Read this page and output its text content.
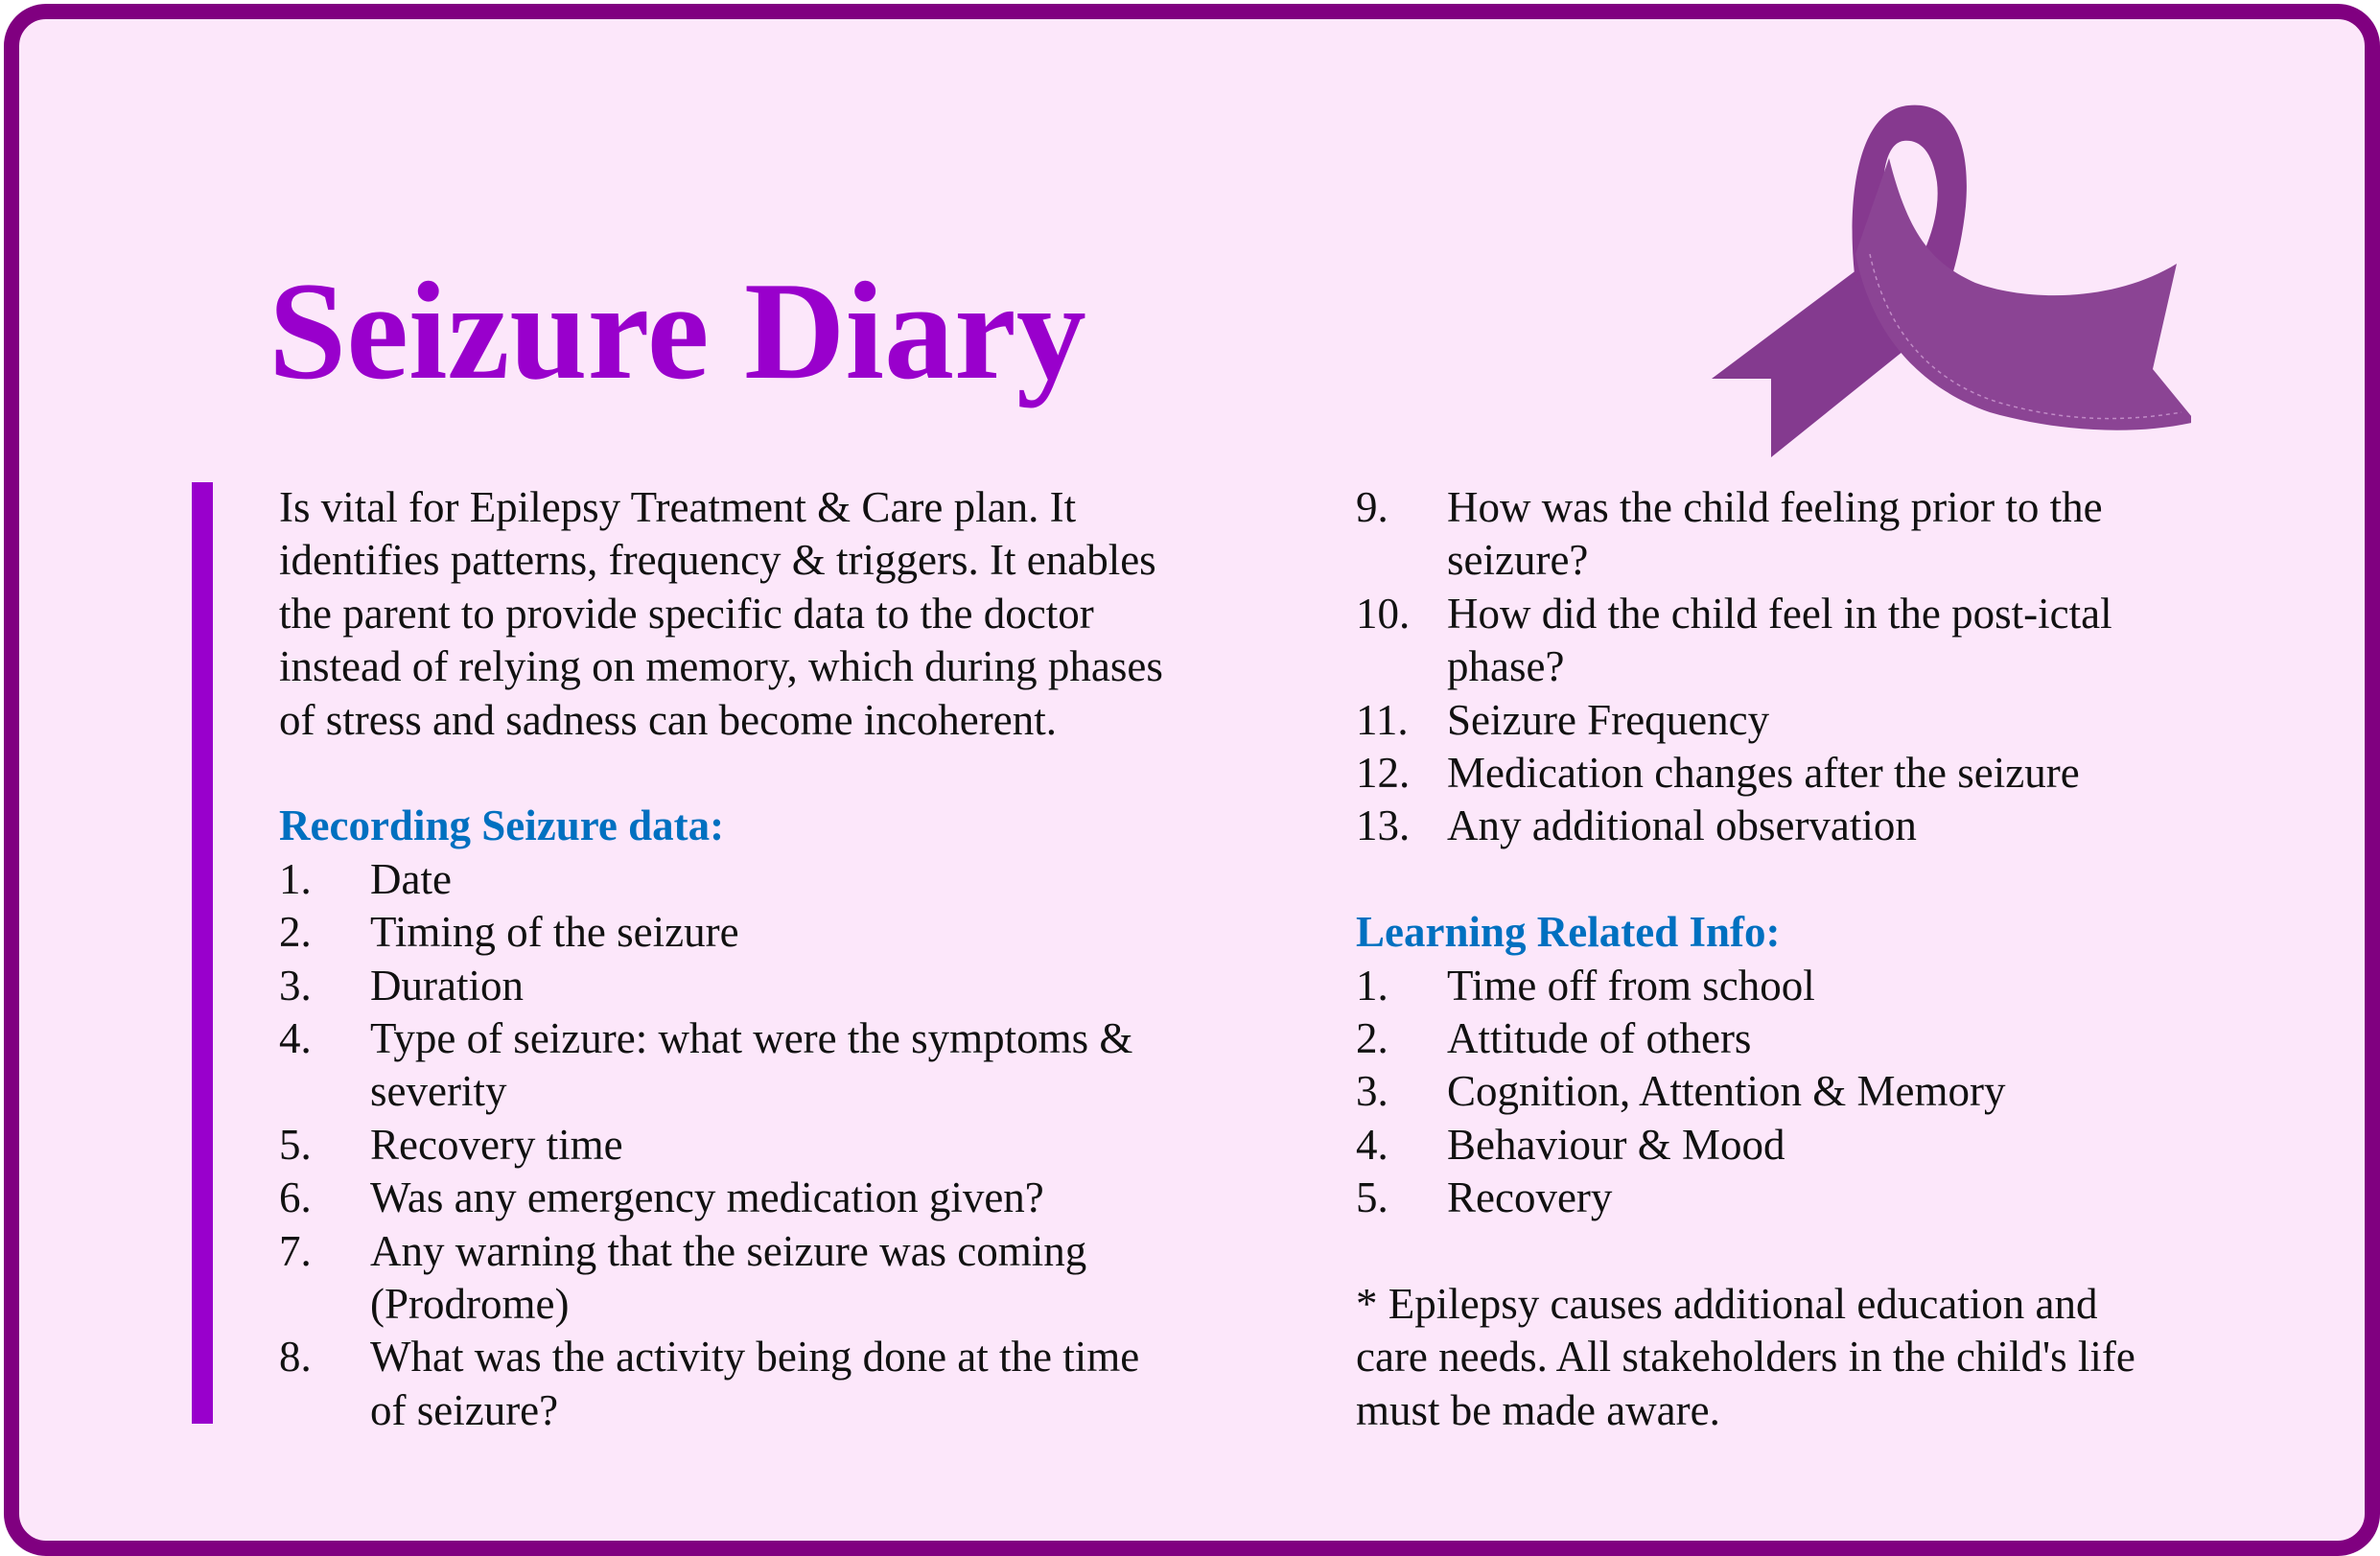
Seizure Diary
Is vital for Epilepsy Treatment & Care plan. It
identifies patterns, frequency & triggers. It enables
the parent to provide specific data to the doctor
instead of relying on memory, which during phases
of stress and sadness can become incoherent.
Recording Seizure data:
1.	Date
2.	Timing of the seizure
3.	Duration
4.	Type of seizure: what were the symptoms &
severity
5.	Recovery time
6.	Was any emergency medication given?
7.	Any warning that the seizure was coming
(Prodrome)
8.	What was the activity being done at the time
of seizure?
9.	How was the child feeling prior to the
seizure?
10. How did the child feel in the post-ictal
phase?
11. Seizure Frequency
12. Medication changes after the seizure
13. Any additional observation
Learning Related Info:
1.	Time off from school
2.	Attitude of others
3.	Cognition, Attention & Memory
4.	Behaviour & Mood
5.	Recovery
* Epilepsy causes additional education and
care needs. All stakeholders in the child's life
must be made aware.
